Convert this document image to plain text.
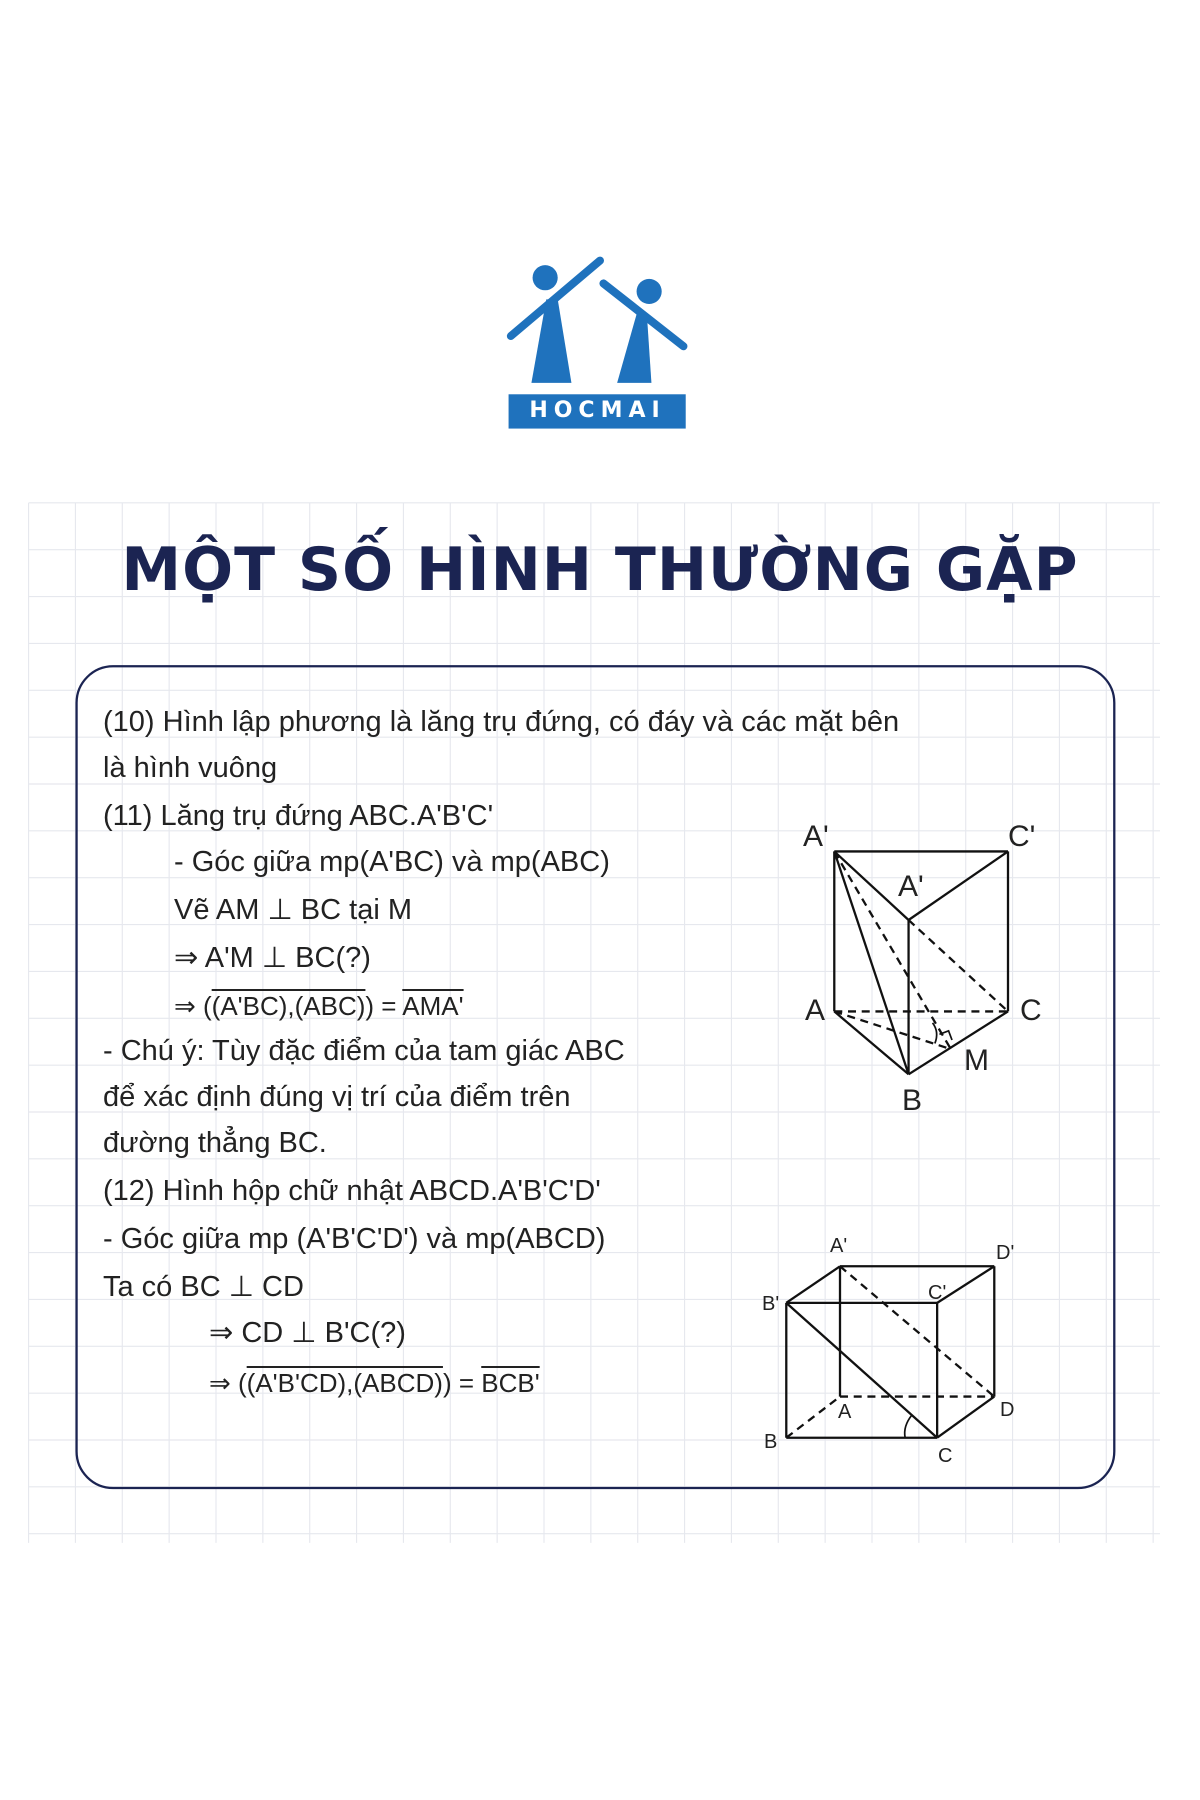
HOCMAI
MỘT SỐ HÌNH THƯỜNG GẶP
(10) Hình lập phương là lăng trụ đứng, có đáy và các mặt bên
là hình vuông
(11) Lăng trụ đứng ABC.A'B'C'
- Góc giữa mp(A'BC) và mp(ABC)
Vẽ AM ⊥ BC tại M
⇒ A'M ⊥ BC(?)
⇒ ((A'BC),(ABC)) = AMA'
- Chú ý: Tùy đặc điểm của tam giác ABC
để xác định đúng vị trí của điểm trên
đường thẳng BC.
(12) Hình hộp chữ nhật ABCD.A'B'C'D'
- Góc giữa mp (A'B'C'D') và mp(ABCD)
Ta có BC ⊥ CD
⇒ CD ⊥ B'C(?)
⇒ ((A'B'CD),(ABCD)) = BCB'
A'	C'
A'
A	C
M
B
A'	D'
B'	C'
A	D
B
C
